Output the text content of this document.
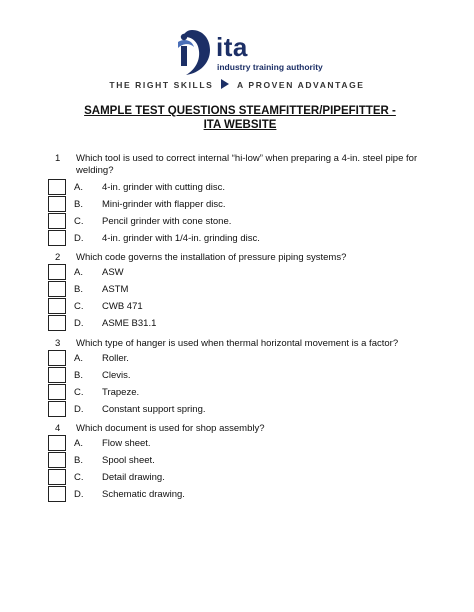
ita
industry training authority
THE RIGHT SKILLS	A PROVEN ADVANTAGE
SAMPLE TEST QUESTIONS STEAMFITTER/PIPEFITTER -
ITA WEBSITE
1 Which tool is used to correct internal “hi-low” when preparing a 4-in. steel pipe for welding?
A. 4-in. grinder with cutting disc.
B. Mini-grinder with flapper disc.
C. Pencil grinder with cone stone.
D. 4-in. grinder with 1/4-in. grinding disc.
2 Which code governs the installation of pressure piping systems?
A. ASW
B. ASTM
C. CWB 471
D. ASME B31.1
3 Which type of hanger is used when thermal horizontal movement is a factor?
A. Roller.
B. Clevis.
C. Trapeze.
D. Constant support spring.
4 Which document is used for shop assembly?
A. Flow sheet.
B. Spool sheet.
C. Detail drawing.
D. Schematic drawing.
